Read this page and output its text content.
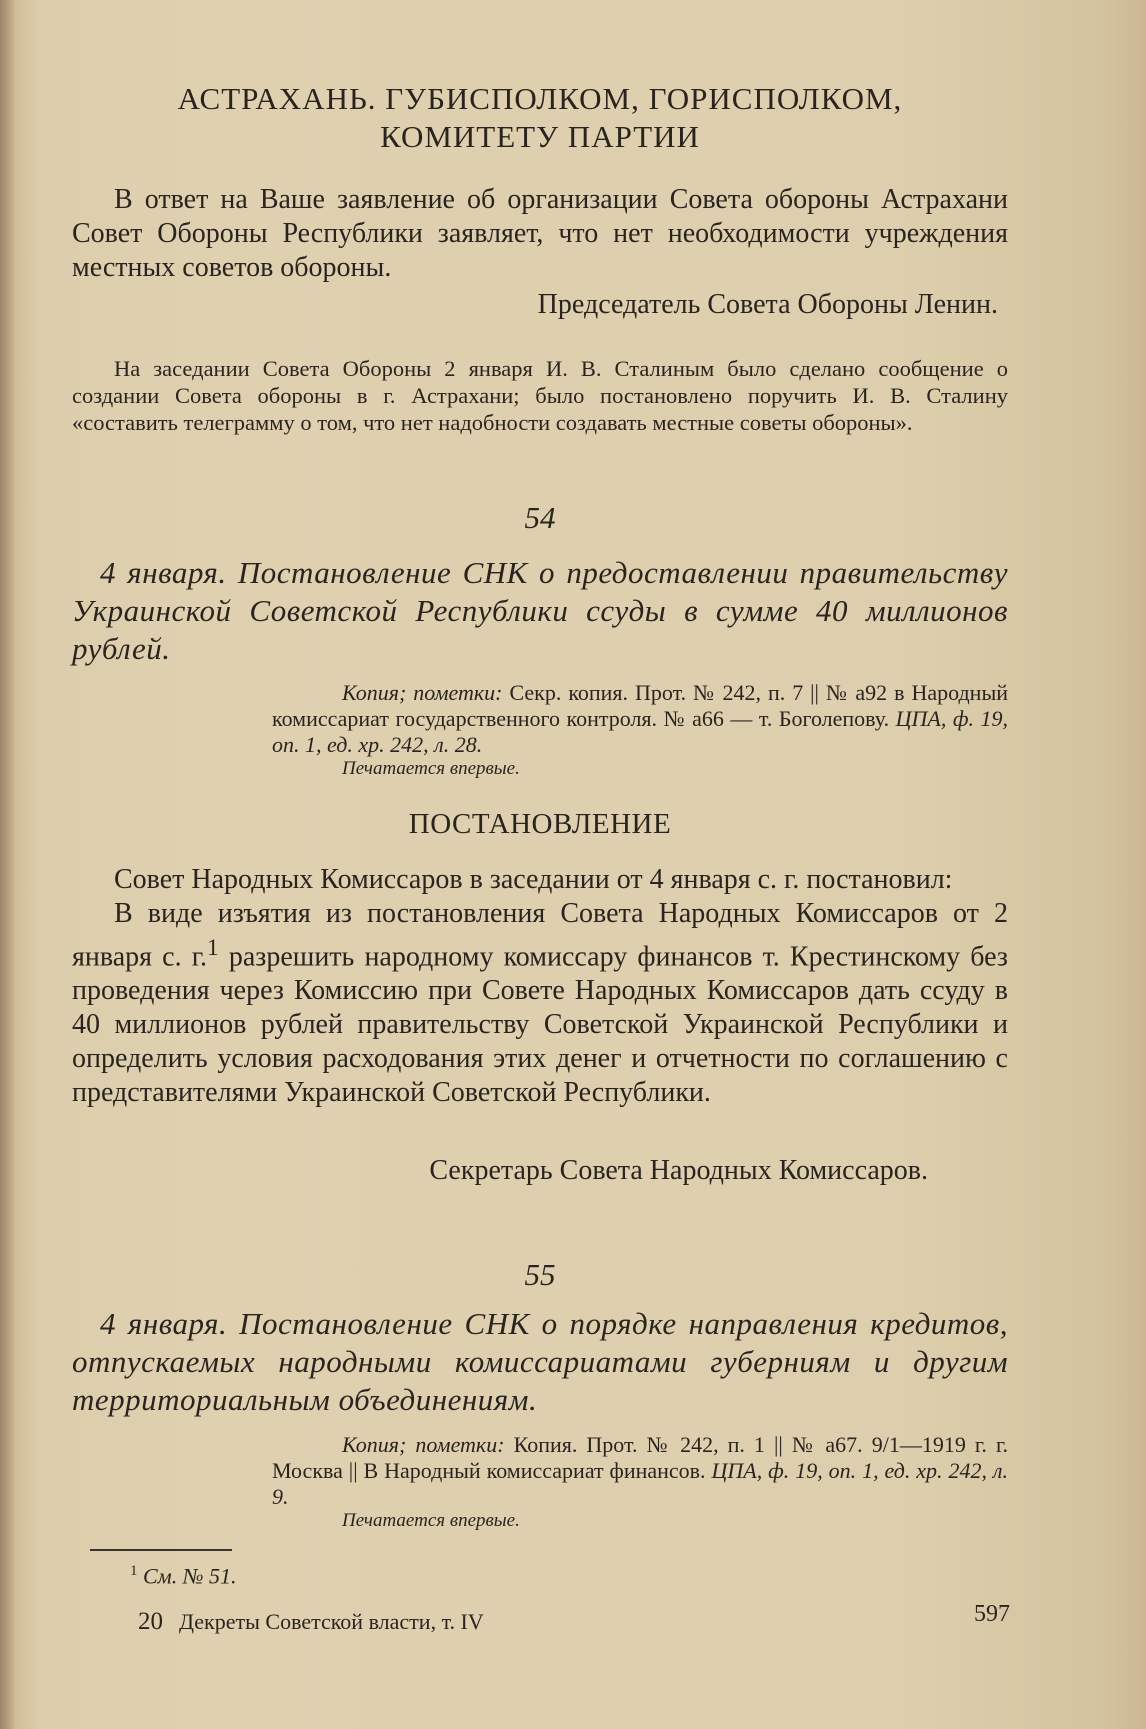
АСТРАХАНЬ. ГУБИСПОЛКОМ, ГОРИСПОЛКОМ,
КОМИТЕТУ ПАРТИИ

В ответ на Ваше заявление об организации Совета обороны Астрахани Совет Обороны Республики заявляет, что нет необходимости учреждения местных советов обороны.

Председатель Совета Обороны Ленин.

На заседании Совета Обороны 2 января И. В. Сталиным было сделано сообщение о создании Совета обороны в г. Астрахани; было постановлено поручить И. В. Сталину «составить телеграмму о том, что нет надобности создавать местные советы обороны».

54

4 января. Постановление СНК о предоставлении правительству Украинской Советской Республики ссуды в сумме 40 миллионов рублей.

Копия; пометки: Секр. копия. Прот. № 242, п. 7 || № а92 в Народный комиссариат государственного контроля. № а66 — т. Боголепову. ЦПА, ф. 19, оп. 1, ед. хр. 242, л. 28.

Печатается впервые.

ПОСТАНОВЛЕНИЕ

Совет Народных Комиссаров в заседании от 4 января с. г. постановил:

В виде изъятия из постановления Совета Народных Комиссаров от 2 января с. г.$^1$ разрешить народному комиссару финансов т. Крестинскому без проведения через Комиссию при Совете Народных Комиссаров дать ссуду в 40 миллионов рублей правительству Советской Украинской Республики и определить условия расходования этих денег и отчетности по соглашению с представителями Украинской Советской Республики.

Секретарь Совета Народных Комиссаров.

55

4 января. Постановление СНК о порядке направления кредитов, отпускаемых народными комиссариатами губерниям и другим территориальным объединениям.

Копия; пометки: Копия. Прот. № 242, п. 1 || № а67. 9/1—1919 г. г. Москва || В Народный комиссариат финансов. ЦПА, ф. 19, оп. 1, ед. хр. 242, л. 9.

Печатается впервые.

$^1$ См. № 51.
20 Декреты Советской власти, т. IV	597
